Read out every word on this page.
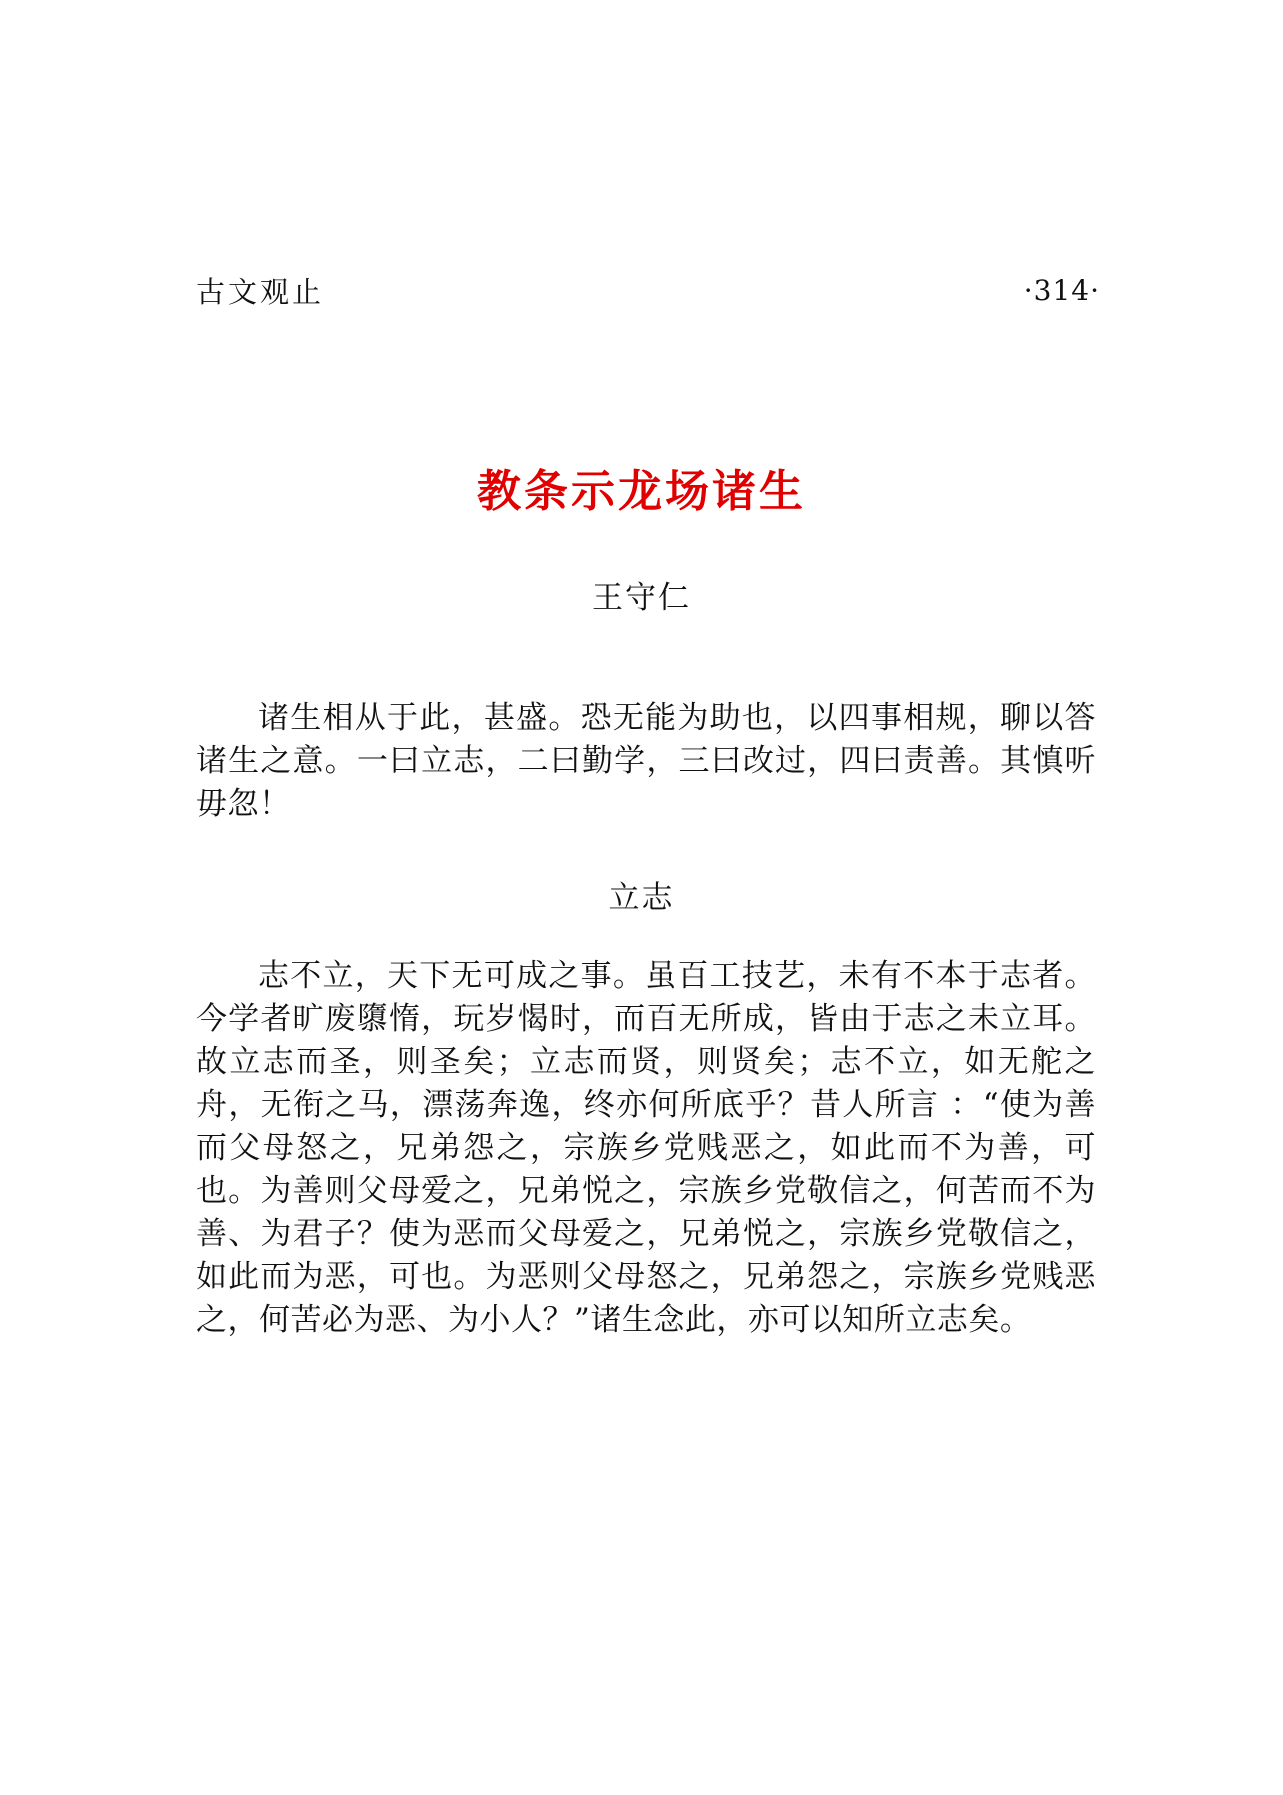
古文观止	·314·
教条示龙场诸生
王守仁

诸生相从于此，甚盛。恐无能为助也，以四事相规，聊以答诸生之意。一曰立志，二曰勤学，三曰改过，四曰责善。其慎听毋忽！

立志

志不立，天下无可成之事。虽百工技艺，未有不本于志者。今学者旷废隳惰，玩岁愒时，而百无所成，皆由于志之未立耳。故立志而圣，则圣矣；立志而贤，则贤矣；志不立，如无舵之舟，无衔之马，漂荡奔逸，终亦何所底乎？昔人所言 ：“使为善而父母怒之，兄弟怨之，宗族乡党贱恶之，如此而不为善，可也。为善则父母爱之，兄弟悦之，宗族乡党敬信之，何苦而不为善、为君子？使为恶而父母爱之，兄弟悦之，宗族乡党敬信之，如此而为恶，可也。为恶则父母怒之，兄弟怨之，宗族乡党贱恶之，何苦必为恶、为小人？”诸生念此，亦可以知所立志矣。
